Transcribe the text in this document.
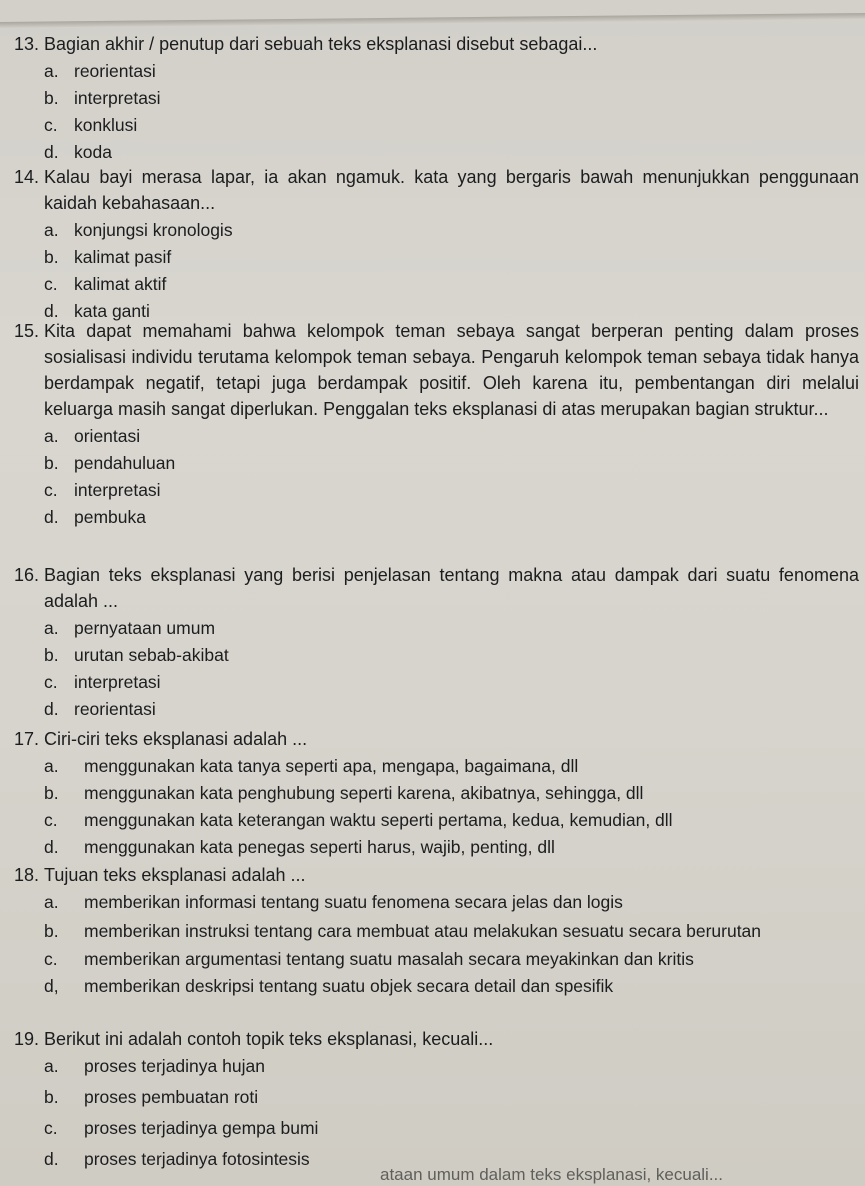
13. Bagian akhir / penutup dari sebuah teks eksplanasi disebut sebagai...
a. reorientasi
b. interpretasi
c. konklusi
d. koda
14. Kalau bayi merasa lapar, ia akan ngamuk. kata yang bergaris bawah menunjukkan penggunaan kaidah kebahasaan...
a. konjungsi kronologis
b. kalimat pasif
c. kalimat aktif
d. kata ganti
15. Kita dapat memahami bahwa kelompok teman sebaya sangat berperan penting dalam proses sosialisasi individu terutama kelompok teman sebaya. Pengaruh kelompok teman sebaya tidak hanya berdampak negatif, tetapi juga berdampak positif. Oleh karena itu, pembentangan diri melalui keluarga masih sangat diperlukan. Penggalan teks eksplanasi di atas merupakan bagian struktur...
a. orientasi
b. pendahuluan
c. interpretasi
d. pembuka
16. Bagian teks eksplanasi yang berisi penjelasan tentang makna atau dampak dari suatu fenomena adalah ...
a. pernyataan umum
b. urutan sebab-akibat
c. interpretasi
d. reorientasi
17. Ciri-ciri teks eksplanasi adalah ...
a.	menggunakan kata tanya seperti apa, mengapa, bagaimana, dll
b.	menggunakan kata penghubung seperti karena, akibatnya, sehingga, dll
c.	menggunakan kata keterangan waktu seperti pertama, kedua, kemudian, dll
d.	menggunakan kata penegas seperti harus, wajib, penting, dll
18. Tujuan teks eksplanasi adalah ...
a.	memberikan informasi tentang suatu fenomena secara jelas dan logis
b.	memberikan instruksi tentang cara membuat atau melakukan sesuatu secara berurutan
c.	memberikan argumentasi tentang suatu masalah secara meyakinkan dan kritis
d,	memberikan deskripsi tentang suatu objek secara detail dan spesifik
19. Berikut ini adalah contoh topik teks eksplanasi, kecuali...
a.	proses terjadinya hujan
b.	proses pembuatan roti
c.	proses terjadinya gempa bumi
d.	proses terjadinya fotosintesis
ataan umum dalam teks eksplanasi, kecuali...
